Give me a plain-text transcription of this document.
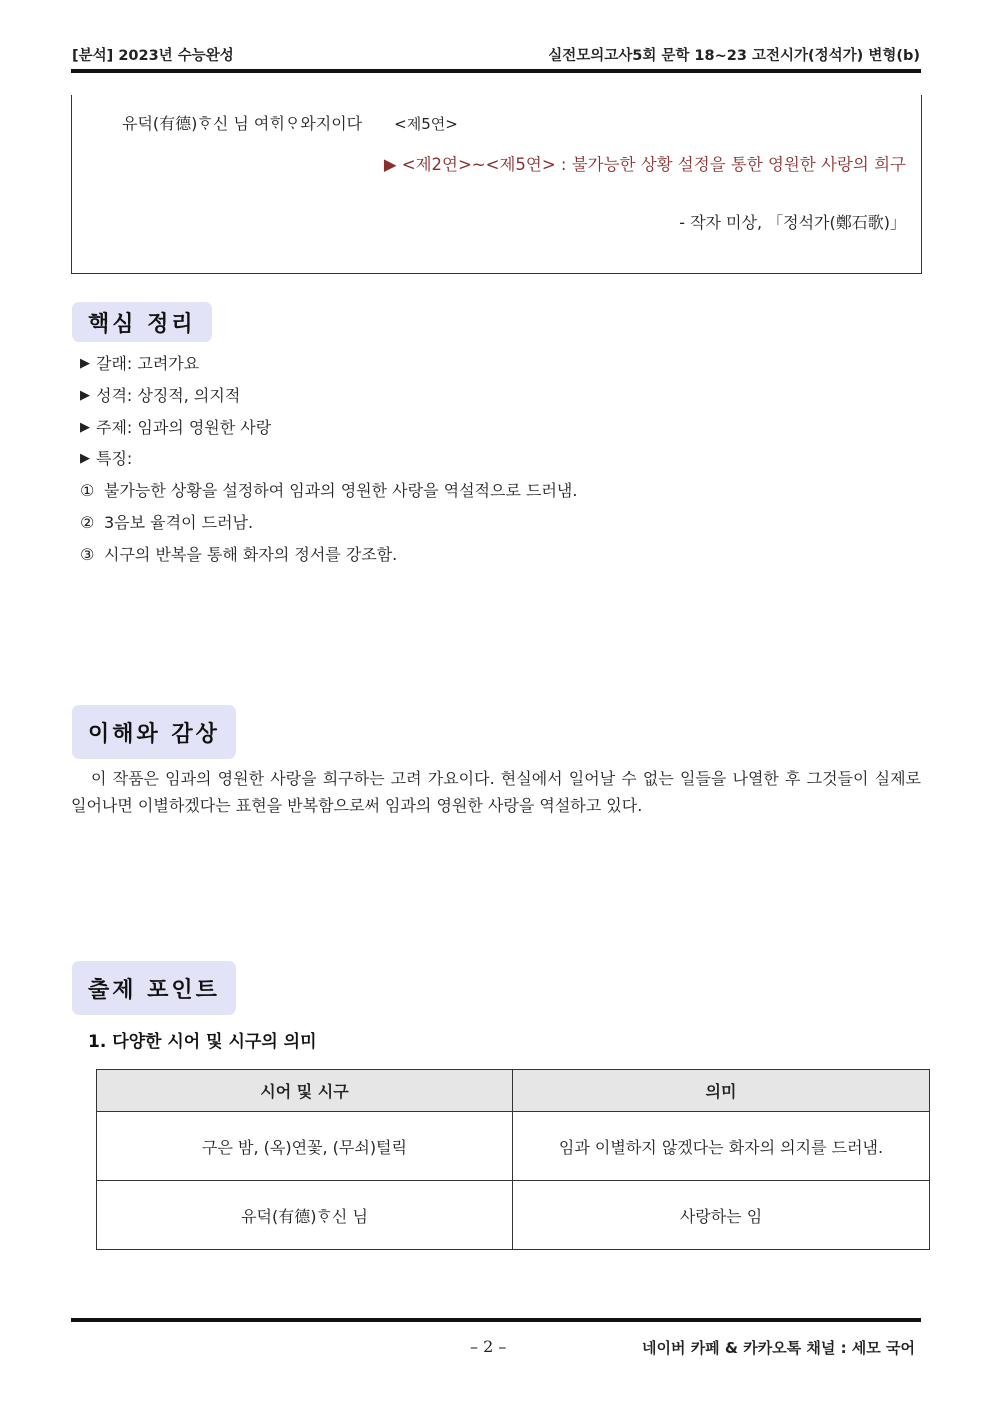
[분석] 2023년 수능완성	실전모의고사5회 문학 18~23 고전시가(정석가) 변형(b)
유덕(有德)ᄒᆞ신 님 여ᄒᆡᄋᆞ와지이다 <제5연>
▶ <제2연>~<제5연> : 불가능한 상황 설정을 통한 영원한 사랑의 희구
- 작자 미상, 「정석가(鄭石歌)」
핵심 정리
▶ 갈래: 고려가요
▶ 성격: 상징적, 의지적
▶ 주제: 임과의 영원한 사랑
▶ 특징:
① 불가능한 상황을 설정하여 임과의 영원한 사랑을 역설적으로 드러냄.
② 3음보 율격이 드러남.
③ 시구의 반복을 통해 화자의 정서를 강조함.
이해와 감상
이 작품은 임과의 영원한 사랑을 희구하는 고려 가요이다. 현실에서 일어날 수 없는 일들을 나열한 후 그것들이 실제로 일어나면 이별하겠다는 표현을 반복함으로써 임과의 영원한 사랑을 역설하고 있다.
출제 포인트
1. 다양한 시어 및 시구의 의미
시어 및 시구	의미
구은 밤, (옥)연꽃, (무쇠)털릭	임과 이별하지 않겠다는 화자의 의지를 드러냄.
유덕(有德)ᄒᆞ신 님	사랑하는 임
– 2 –	네이버 카페 & 카카오톡 채널 : 세모 국어
